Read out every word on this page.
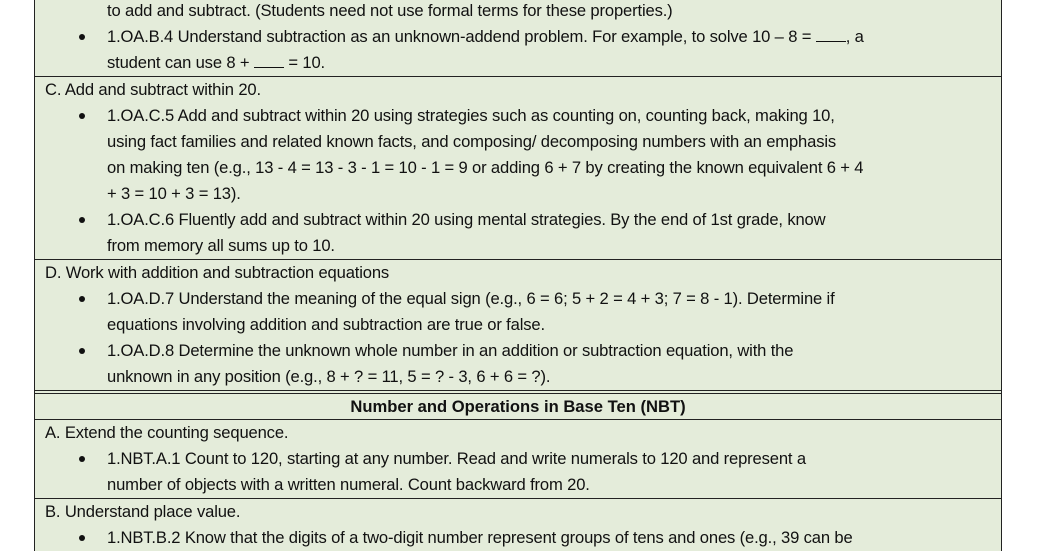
to add and subtract. (Students need not use formal terms for these properties.)
1.OA.B.4 Understand subtraction as an unknown-addend problem. For example, to solve 10 – 8 = , a
student can use 8 +  = 10.
C. Add and subtract within 20.
1.OA.C.5 Add and subtract within 20 using strategies such as counting on, counting back, making 10,
using fact families and related known facts, and composing/ decomposing numbers with an emphasis
on making ten (e.g., 13 - 4 = 13 - 3 - 1 = 10 - 1 = 9 or adding 6 + 7 by creating the known equivalent 6 + 4
+ 3 = 10 + 3 = 13).
1.OA.C.6 Fluently add and subtract within 20 using mental strategies. By the end of 1st grade, know
from memory all sums up to 10.
D. Work with addition and subtraction equations
1.OA.D.7 Understand the meaning of the equal sign (e.g., 6 = 6; 5 + 2 = 4 + 3; 7 = 8 - 1). Determine if
equations involving addition and subtraction are true or false.
1.OA.D.8 Determine the unknown whole number in an addition or subtraction equation, with the
unknown in any position (e.g., 8 + ? = 11, 5 = ? - 3, 6 + 6 = ?).
Number and Operations in Base Ten (NBT)
A. Extend the counting sequence.
1.NBT.A.1 Count to 120, starting at any number. Read and write numerals to 120 and represent a
number of objects with a written numeral. Count backward from 20.
B. Understand place value.
1.NBT.B.2 Know that the digits of a two-digit number represent groups of tens and ones (e.g., 39 can be
